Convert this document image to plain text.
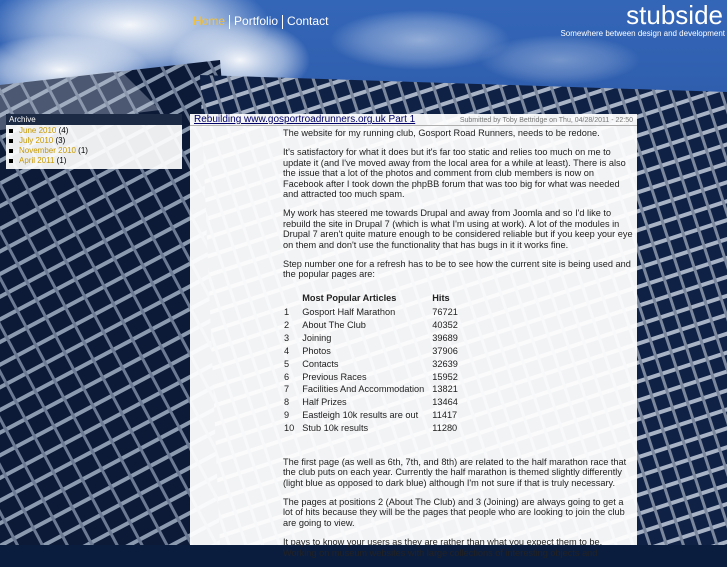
Home Portfolio Contact	stubside
Somewhere between design and development
Archive
June 2010 (4)
July 2010 (3)
November 2010 (1)
April 2011 (1)
Rebuilding www.gosportroadrunners.org.uk Part 1	Submitted by Toby Bettridge on Thu, 04/28/2011 - 22:50

The website for my running club, Gosport Road Runners, needs to be redone.

It's satisfactory for what it does but it's far too static and relies too much on me to update it (and I've moved away from the local area for a while at least). There is also the issue that a lot of the photos and comment from club members is now on Facebook after I took down the phpBB forum that was too big for what was needed and attracted too much spam.

My work has steered me towards Drupal and away from Joomla and so I'd like to rebuild the site in Drupal 7 (which is what I'm using at work). A lot of the modules in Drupal 7 aren't quite mature enough to be considered reliable but if you keep your eye on them and don't use the functionality that has bugs in it it works fine.

Step number one for a refresh has to be to see how the current site is being used and the popular pages are:

	Most Popular Articles	Hits
1	Gosport Half Marathon	76721
2	About The Club	40352
3	Joining	39689
4	Photos	37906
5	Contacts	32639
6	Previous Races	15952
7	Facilities And Accommodation	13821
8	Half Prizes	13464
9	Eastleigh 10k results are out	11417
10	Stub 10k results	11280

The first page (as well as 6th, 7th, and 8th) are related to the half marathon race that the club puts on each year. Currently the half marathon is themed slightly differently (light blue as opposed to dark blue) although I'm not sure if that is truly necessary.

The pages at positions 2 (About The Club) and 3 (Joining) are always going to get a lot of hits because they will be the pages that people who are looking to join the club are going to view.

It pays to know your users as they are rather than what you expect them to be. Working on museum websites with large collections of interesting objects and
